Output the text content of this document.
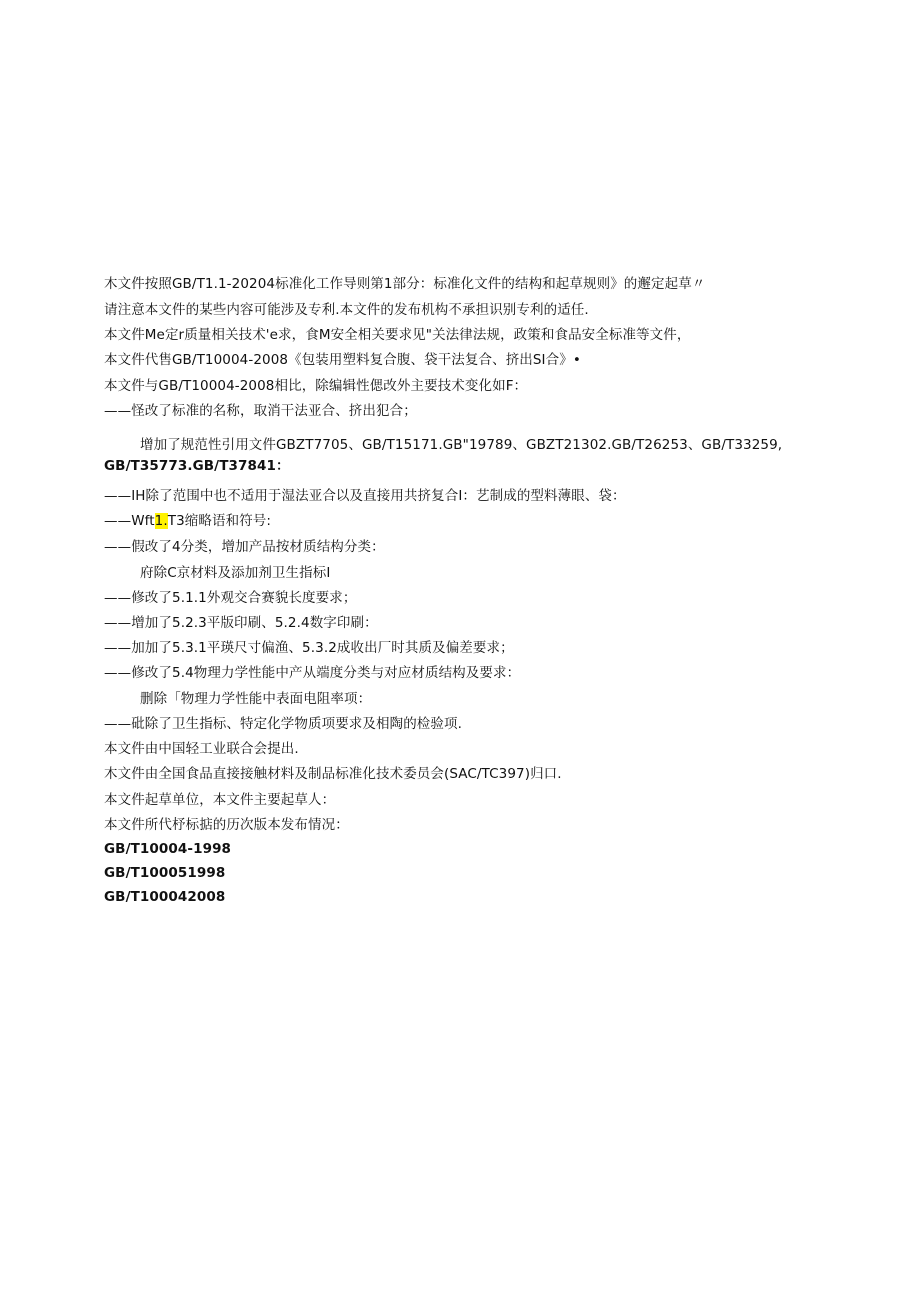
木文件按照GB/T1.1-20204标准化工作导则第1部分：标准化文件的结构和起草规则》的邂定起草〃
请注意本文件的某些内容可能涉及专利.本文件的发布机构不承担识别专利的适任.
本文件Me定r质量相关技术'e求，食M安全相关要求见"关法律法规，政策和食品安全标准等文件，
本文件代售GB/T10004-2008《包装用塑料复合腹、袋干法复合、挤出SI合》•
本文件与GB/T10004-2008相比，除编辑性偲改外主要技术变化如F：
——怪改了标准的名称，取消干法亚合、挤出犯合；
增加了规范性引用文件GBZT7705、GB/T15171.GB"19789、GBZT21302.GB/T26253、GB/T33259,
GB/T35773.GB/T37841：
——IH除了范围中也不适用于湿法亚合以及直接用共挤复合I：艺制成的型料薄眼、袋：
——Wft1.T3缩略语和符号:
——假改了4分类，增加产品按材质结构分类：
府除C京材料及添加剂卫生指标I
——修改了5.1.1外观交合赛貌长度要求；
——增加了5.2.3平版印刷、5.2.4数字印刷：
——加加了5.3.1平瑛尺寸偏渔、5.3.2成收出厂时其质及偏差要求；
——修改了5.4物理力学性能中产从端度分类与对应材质结构及要求：
删除「物理力学性能中表面电阻率项：
——砒除了卫生指标、特定化学物质项要求及相陶的检验项.
本文件由中国轻工业联合会提出.
木文件由全国食品直接接触材料及制品标准化技术委员会(SAC/TC397)归口.
本文件起草单位，本文件主要起草人：
本文件所代杼标掂的历次版本发布情况：
GB/T10004-1998
GB/T100051998
GB/T100042008
